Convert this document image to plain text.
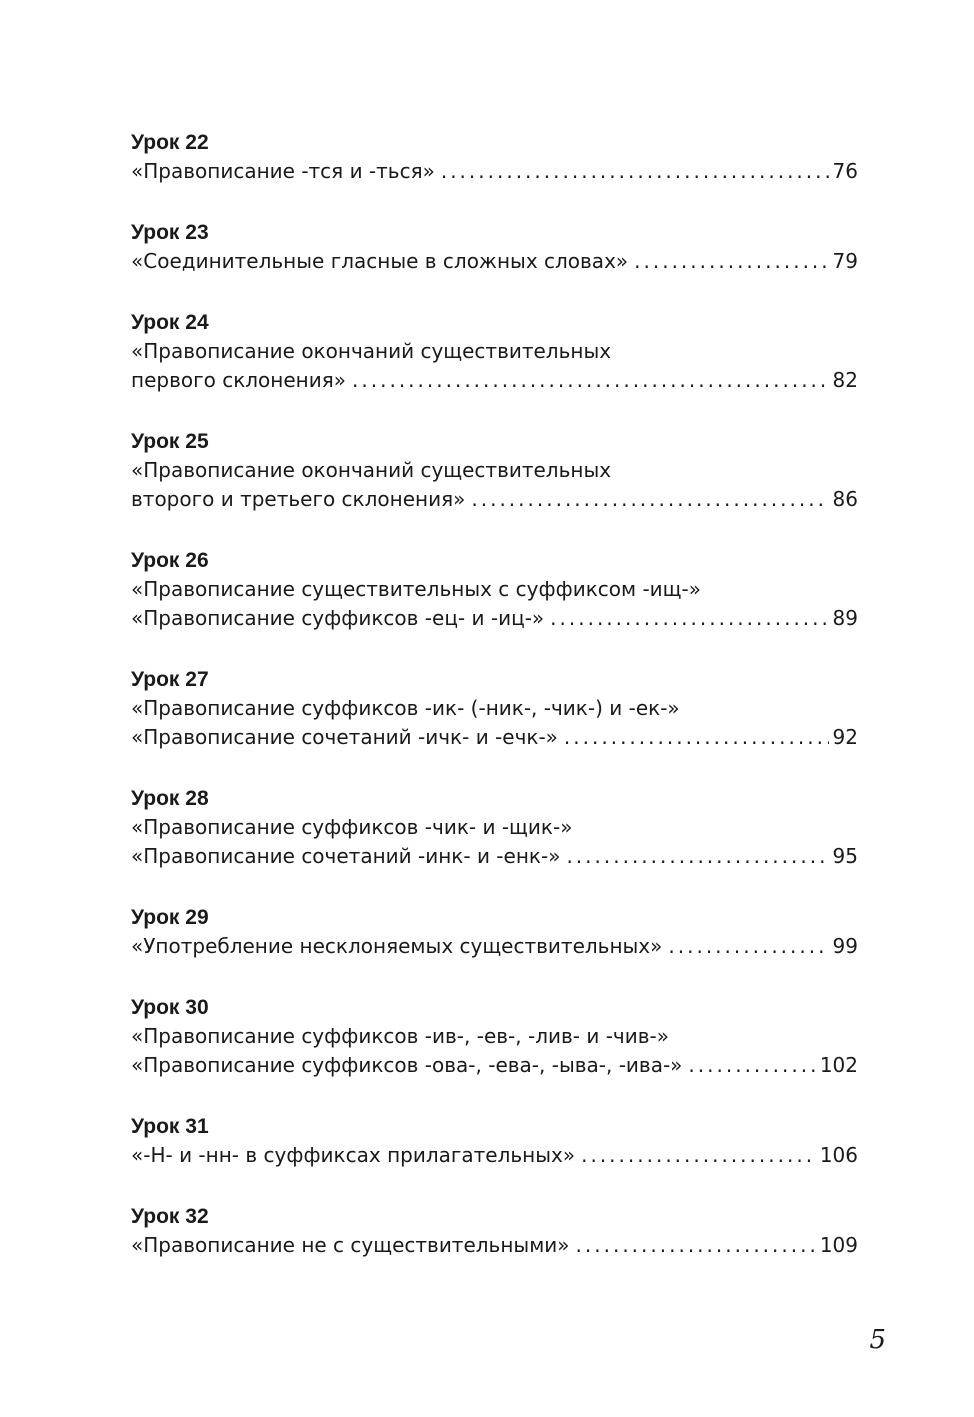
Урок 22
«Правописание -тся и -ться» .....	76
Урок 23
«Соединительные гласные в сложных словах» .....	79
Урок 24
«Правописание окончаний существительных
первого склонения» .....	82
Урок 25
«Правописание окончаний существительных
второго и третьего склонения» .....	86
Урок 26
«Правописание существительных с суффиксом -ищ-»
«Правописание суффиксов -ец- и -иц-» .....	89
Урок 27
«Правописание суффиксов -ик- (-ник-, -чик-) и -ек-»
«Правописание сочетаний -ичк- и -ечк-» .....	92
Урок 28
«Правописание суффиксов -чик- и -щик-»
«Правописание сочетаний -инк- и -енк-» .....	95
Урок 29
«Употребление несклоняемых существительных» .....	99
Урок 30
«Правописание суффиксов -ив-, -ев-, -лив- и -чив-»
«Правописание суффиксов -ова-, -ева-, -ыва-, -ива-» .....	102
Урок 31
«-Н- и -нн- в суффиксах прилагательных» .....	106
Урок 32
«Правописание не с существительными» .....	109
5
